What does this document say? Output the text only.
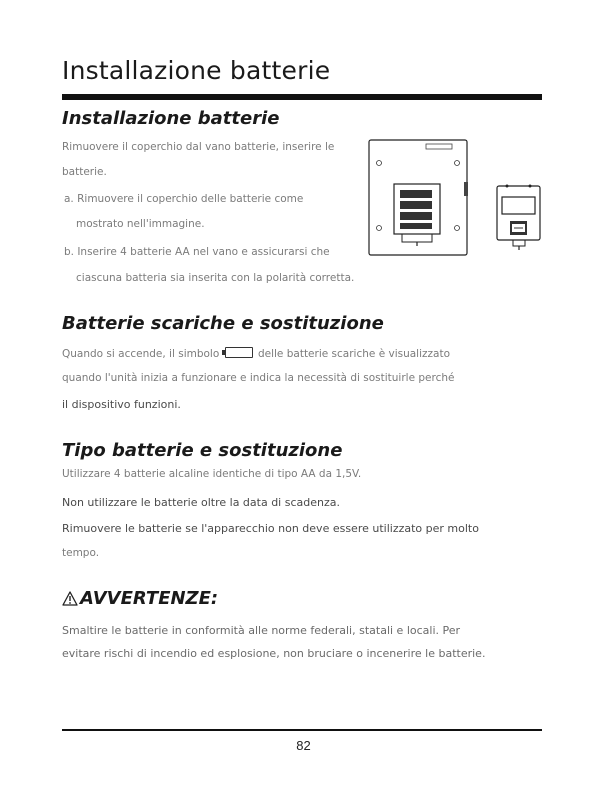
Installazione batterie
Installazione batterie
Rimuovere il coperchio dal vano batterie, inserire le
batterie.
a. Rimuovere il coperchio delle batterie come
mostrato nell'immagine.
b. Inserire 4 batterie AA nel vano e assicurarsi che
ciascuna batteria sia inserita con la polarità corretta.
Batterie scariche e sostituzione
Quando si accende, il simbolo	delle batterie scariche è visualizzato
quando l'unità inizia a funzionare e indica la necessità di sostituirle perché
il dispositivo funzioni.
Tipo batterie e sostituzione
Utilizzare 4 batterie alcaline identiche di tipo AA da 1,5V.
Non utilizzare le batterie oltre la data di scadenza.
Rimuovere le batterie se l'apparecchio non deve essere utilizzato per molto
tempo.
AVVERTENZE:
Smaltire le batterie in conformità alle norme federali, statali e locali. Per
evitare rischi di incendio ed esplosione, non bruciare o incenerire le batterie.
82
